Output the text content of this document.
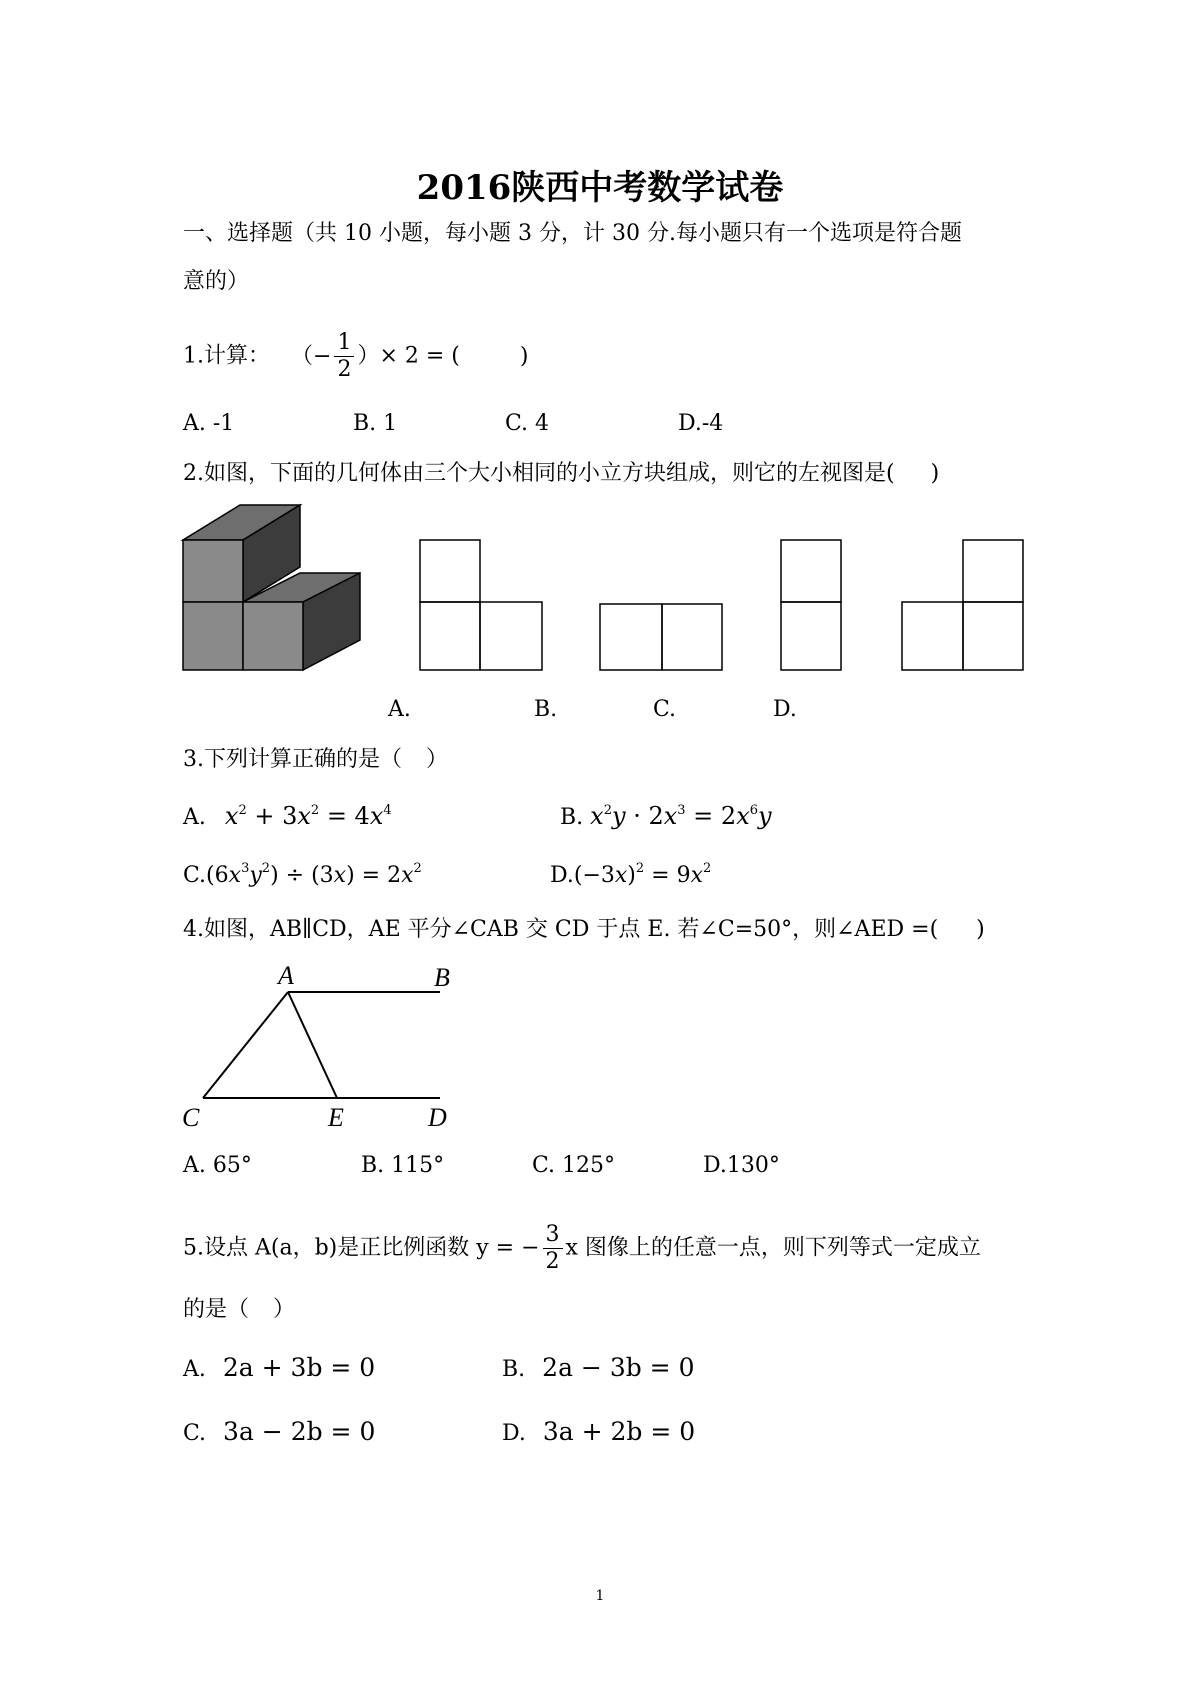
2016陕西中考数学试卷
一、选择题（共 10 小题，每小题 3 分，计 30 分.每小题只有一个选项是符合题
意的）
1.计算： （− $\frac{1}{2}$ ）× 2 = (	)
A. -1	B. 1	C. 4	D.-4
2.如图，下面的几何体由三个大小相同的小立方块组成，则它的左视图是( )
A.	B.	C.	D.
3.下列计算正确的是（ ）
A. $x^2 + 3x^2 = 4x^4$	B. $x^2y \cdot 2x^3 = 2x^6y$
$C.(6x^3y^2) \div (3x) = 2x^2$	$D.(-3x)^2 = 9x^2$
4.如图，AB∥CD，AE 平分∠CAB 交 CD 于点 E. 若∠C=50°，则∠AED =( )
A	B
C	E	D
A. 65°	B. 115°	C. 125°	D.130°
5.设点 A(a，b)是正比例函数 y = − $\frac{3}{2}$ x 图像上的任意一点，则下列等式一定成立
的是（ ）
A. 2a + 3b = 0	B. 2a − 3b = 0
C. 3a − 2b = 0	D. 3a + 2b = 0
1
